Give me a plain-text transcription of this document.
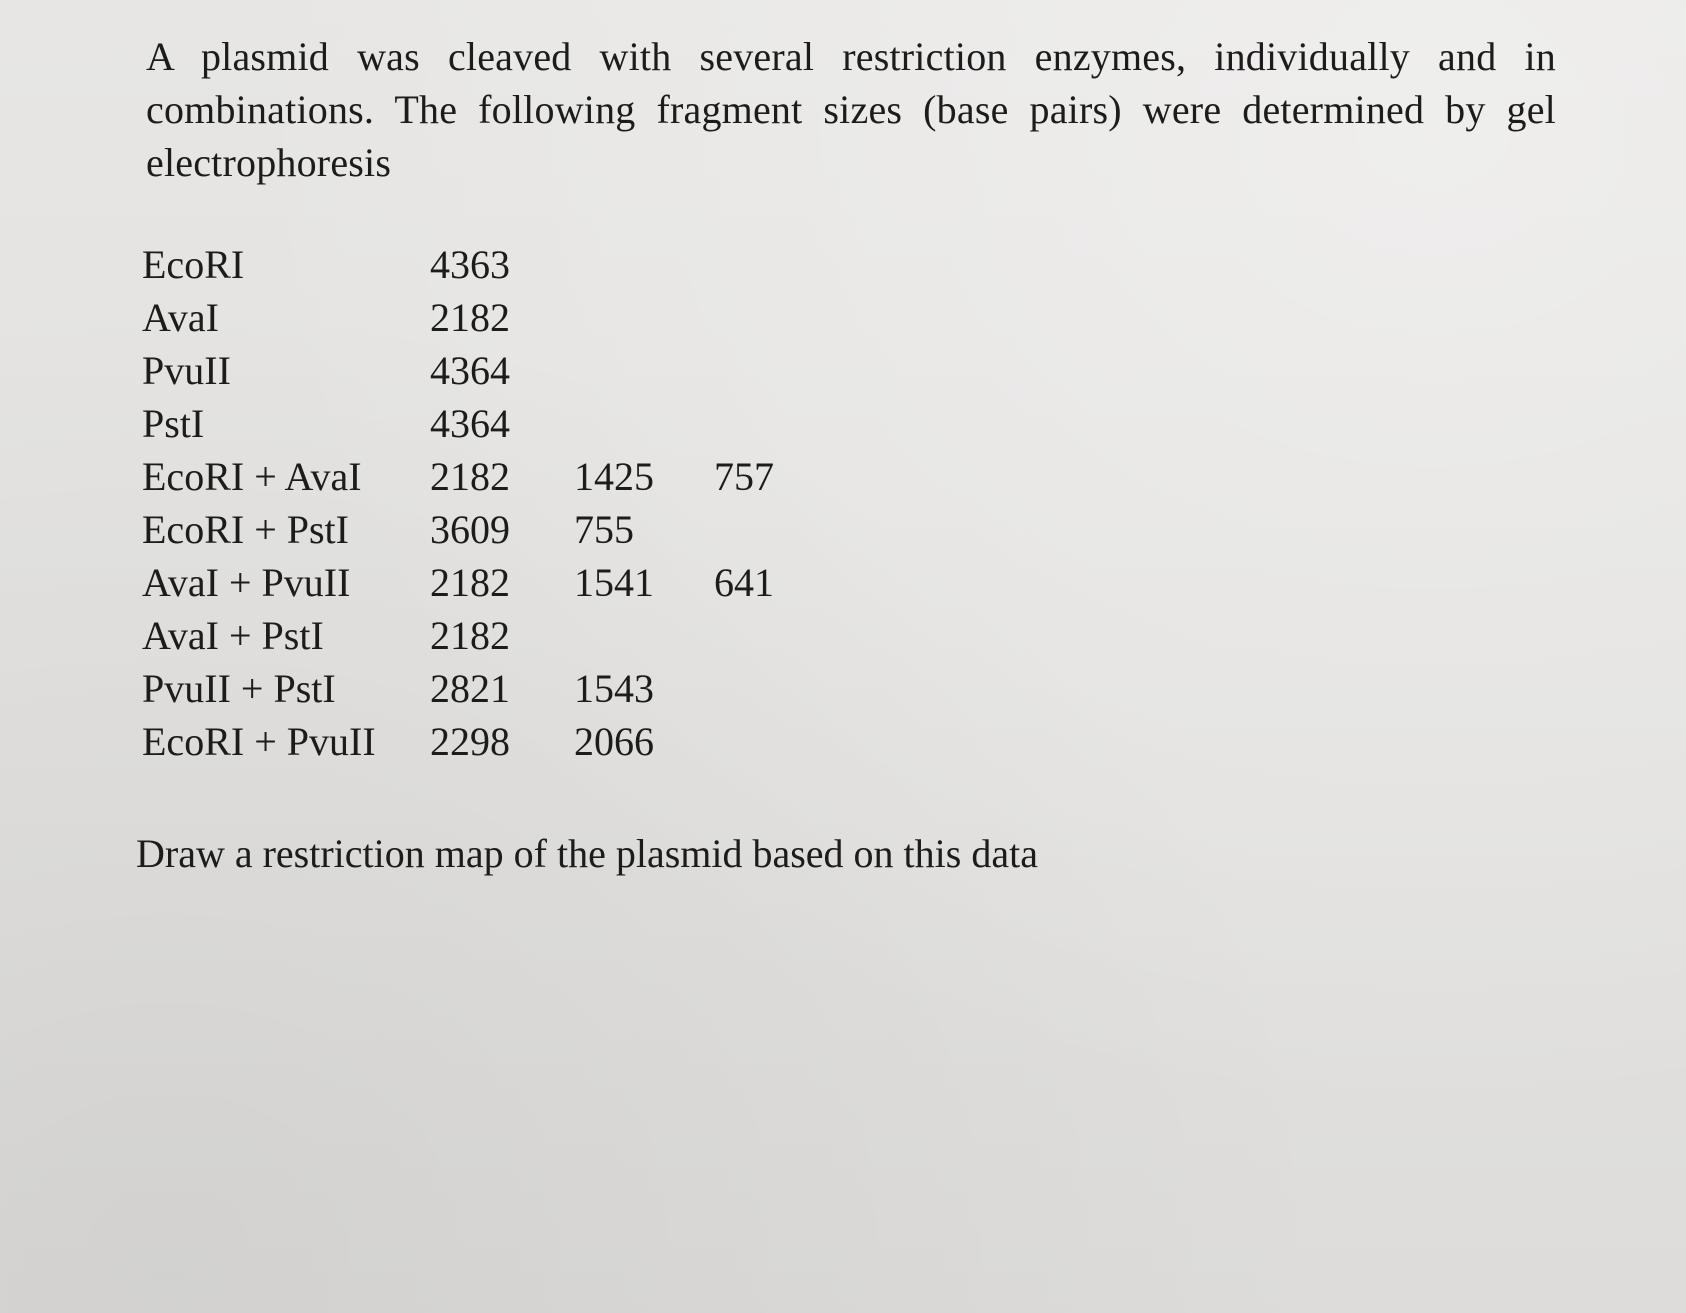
A plasmid was cleaved with several restriction enzymes, individually and in combinations. The following fragment sizes (base pairs) were determined by gel electrophoresis

EcoRI	4363
AvaI	2182
PvuII	4364
PstI	4364
EcoRI + AvaI 2182 1425 757
EcoRI + PstI 3609 755
AvaI + PvuII 2182 1541 641
AvaI + PstI	2182
PvuII + PstI 2821 1543
EcoRI + PvuII 2298 2066
Draw a restriction map of the plasmid based on this data
